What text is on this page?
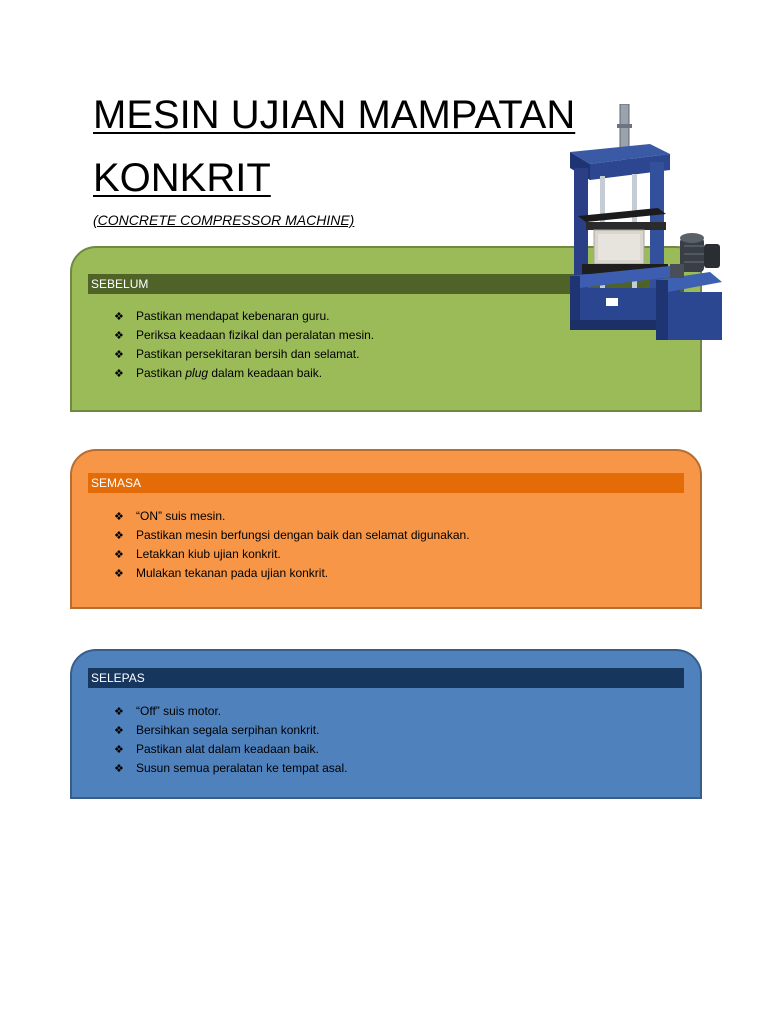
MESIN UJIAN MAMPATAN
KONKRIT
(CONCRETE COMPRESSOR MACHINE)
SEBELUM
❖ Pastikan mendapat kebenaran guru.
❖ Periksa keadaan fizikal dan peralatan mesin.
❖ Pastikan persekitaran bersih dan selamat.
❖ Pastikan plug dalam keadaan baik.
SEMASA
❖ “ON” suis mesin.
❖ Pastikan mesin berfungsi dengan baik dan selamat digunakan.
❖ Letakkan kiub ujian konkrit.
❖ Mulakan tekanan pada ujian konkrit.
SELEPAS
❖ “Off” suis motor.
❖ Bersihkan segala serpihan konkrit.
❖ Pastikan alat dalam keadaan baik.
❖ Susun semua peralatan ke tempat asal.
